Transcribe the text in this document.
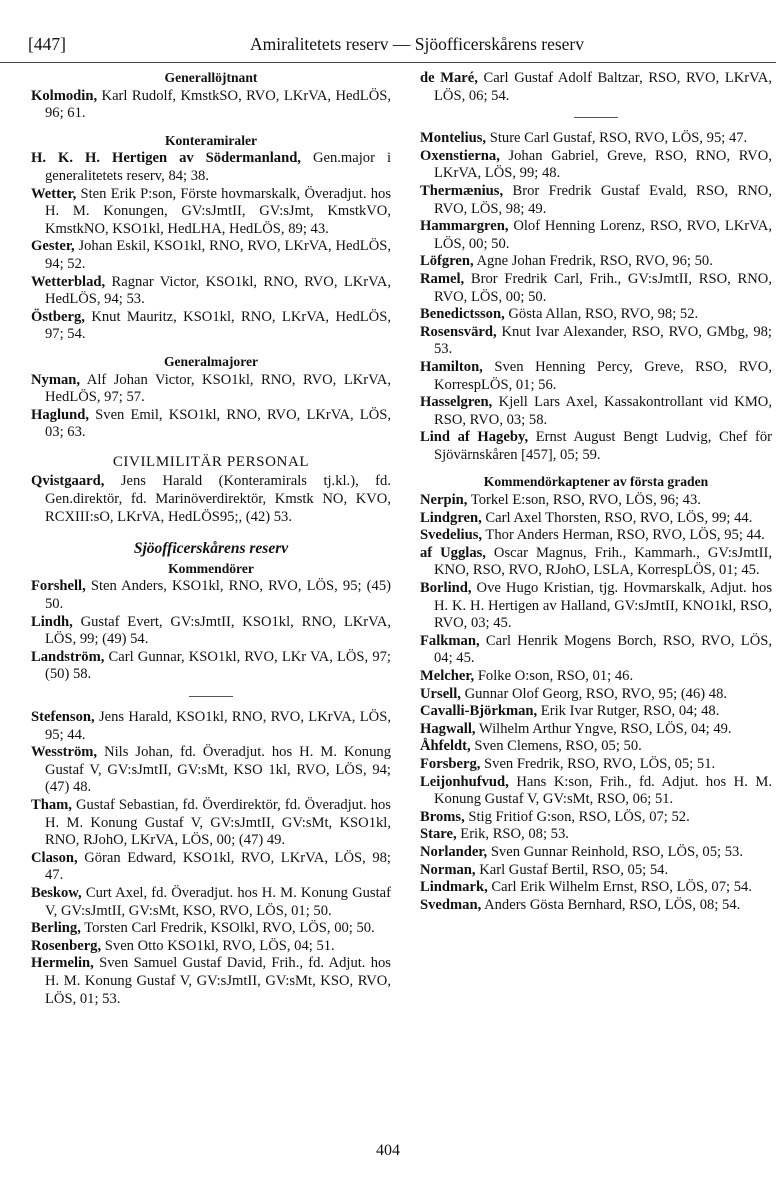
[447]	Amiralitetets reserv — Sjöofficerskårens reserv
Generallöjtnant

Kolmodin, Karl Rudolf, KmstkSO, RVO, LKrVA, HedLÖS, 96; 61.

Konteramiraler

H. K. H. Hertigen av Södermanland, Gen.major i generalitetets reserv, 84; 38.

Wetter, Sten Erik P:son, Förste hovmarskalk, Överadjut. hos H. M. Konungen, GV:sJmtII, GV:sJmt, KmstkVO, KmstkNO, KSO1kl, HedLHA, HedLÖS, 89; 43.

Gester, Johan Eskil, KSO1kl, RNO, RVO, LKrVA, HedLÖS, 94; 52.

Wetterblad, Ragnar Victor, KSO1kl, RNO, RVO, LKrVA, HedLÖS, 94; 53.

Östberg, Knut Mauritz, KSO1kl, RNO, LKrVA, HedLÖS, 97; 54.

Generalmajorer

Nyman, Alf Johan Victor, KSO1kl, RNO, RVO, LKrVA, HedLÖS, 97; 57.

Haglund, Sven Emil, KSO1kl, RNO, RVO, LKrVA, LÖS, 03; 63.

CIVILMILITÄR PERSONAL

Qvistgaard, Jens Harald (Konteramirals tj.kl.), fd. Gen.direktör, fd. Marinöverdirektör, Kmstk NO, KVO, RCXIII:sO, LKrVA, HedLÖS95;, (42) 53.

Sjöofficerskårens reserv
Kommendörer

Forshell, Sten Anders, KSO1kl, RNO, RVO, LÖS, 95; (45) 50.

Lindh, Gustaf Evert, GV:sJmtII, KSO1kl, RNO, LKrVA, LÖS, 99; (49) 54.

Landström, Carl Gunnar, KSO1kl, RVO, LKr VA, LÖS, 97; (50) 58.

Stefenson, Jens Harald, KSO1kl, RNO, RVO, LKrVA, LÖS, 95; 44.

Wesström, Nils Johan, fd. Överadjut. hos H. M. Konung Gustaf V, GV:sJmtII, GV:sMt, KSO 1kl, RVO, LÖS, 94; (47) 48.

Tham, Gustaf Sebastian, fd. Överdirektör, fd. Överadjut. hos H. M. Konung Gustaf V, GV:sJmtII, GV:sMt, KSO1kl, RNO, RJohO, LKrVA, LÖS, 00; (47) 49.

Clason, Göran Edward, KSO1kl, RVO, LKrVA, LÖS, 98; 47.

Beskow, Curt Axel, fd. Överadjut. hos H. M. Konung Gustaf V, GV:sJmtII, GV:sMt, KSO, RVO, LÖS, 01; 50.

Berling, Torsten Carl Fredrik, KSOlkl, RVO, LÖS, 00; 50.

Rosenberg, Sven Otto KSO1kl, RVO, LÖS, 04; 51.

Hermelin, Sven Samuel Gustaf David, Frih., fd. Adjut. hos H. M. Konung Gustaf V, GV:sJmtII, GV:sMt, KSO, RVO, LÖS, 01; 53.

de Maré, Carl Gustaf Adolf Baltzar, RSO, RVO, LKrVA, LÖS, 06; 54.

Montelius, Sture Carl Gustaf, RSO, RVO, LÖS, 95; 47.

Oxenstierna, Johan Gabriel, Greve, RSO, RNO, RVO, LKrVA, LÖS, 99; 48.

Thermænius, Bror Fredrik Gustaf Evald, RSO, RNO, RVO, LÖS, 98; 49.

Hammargren, Olof Henning Lorenz, RSO, RVO, LKrVA, LÖS, 00; 50.

Löfgren, Agne Johan Fredrik, RSO, RVO, 96; 50.

Ramel, Bror Fredrik Carl, Frih., GV:sJmtII, RSO, RNO, RVO, LÖS, 00; 50.

Benedictsson, Gösta Allan, RSO, RVO, 98; 52.

Rosensvärd, Knut Ivar Alexander, RSO, RVO, GMbg, 98; 53.

Hamilton, Sven Henning Percy, Greve, RSO, RVO, KorrespLÖS, 01; 56.

Hasselgren, Kjell Lars Axel, Kassakontrollant vid KMO, RSO, RVO, 03; 58.

Lind af Hageby, Ernst August Bengt Ludvig, Chef för Sjövärnskåren [457], 05; 59.

Kommendörkaptener av första graden

Nerpin, Torkel E:son, RSO, RVO, LÖS, 96; 43.

Lindgren, Carl Axel Thorsten, RSO, RVO, LÖS, 99; 44.

Svedelius, Thor Anders Herman, RSO, RVO, LÖS, 95; 44.

af Ugglas, Oscar Magnus, Frih., Kammarh., GV:sJmtII, KNO, RSO, RVO, RJohO, LSLA, KorrespLÖS, 01; 45.

Borlind, Ove Hugo Kristian, tjg. Hovmarskalk, Adjut. hos H. K. H. Hertigen av Halland, GV:sJmtII, KNO1kl, RSO, RVO, 03; 45.

Falkman, Carl Henrik Mogens Borch, RSO, RVO, LÖS, 04; 45.

Melcher, Folke O:son, RSO, 01; 46.

Ursell, Gunnar Olof Georg, RSO, RVO, 95; (46) 48.

Cavalli-Björkman, Erik Ivar Rutger, RSO, 04; 48.

Hagwall, Wilhelm Arthur Yngve, RSO, LÖS, 04; 49.

Åhfeldt, Sven Clemens, RSO, 05; 50.

Forsberg, Sven Fredrik, RSO, RVO, LÖS, 05; 51.

Leijonhufvud, Hans K:son, Frih., fd. Adjut. hos H. M. Konung Gustaf V, GV:sMt, RSO, 06; 51.

Broms, Stig Fritiof G:son, RSO, LÖS, 07; 52.

Stare, Erik, RSO, 08; 53.

Norlander, Sven Gunnar Reinhold, RSO, LÖS, 05; 53.

Norman, Karl Gustaf Bertil, RSO, 05; 54.

Lindmark, Carl Erik Wilhelm Ernst, RSO, LÖS, 07; 54.

Svedman, Anders Gösta Bernhard, RSO, LÖS, 08; 54.

404
